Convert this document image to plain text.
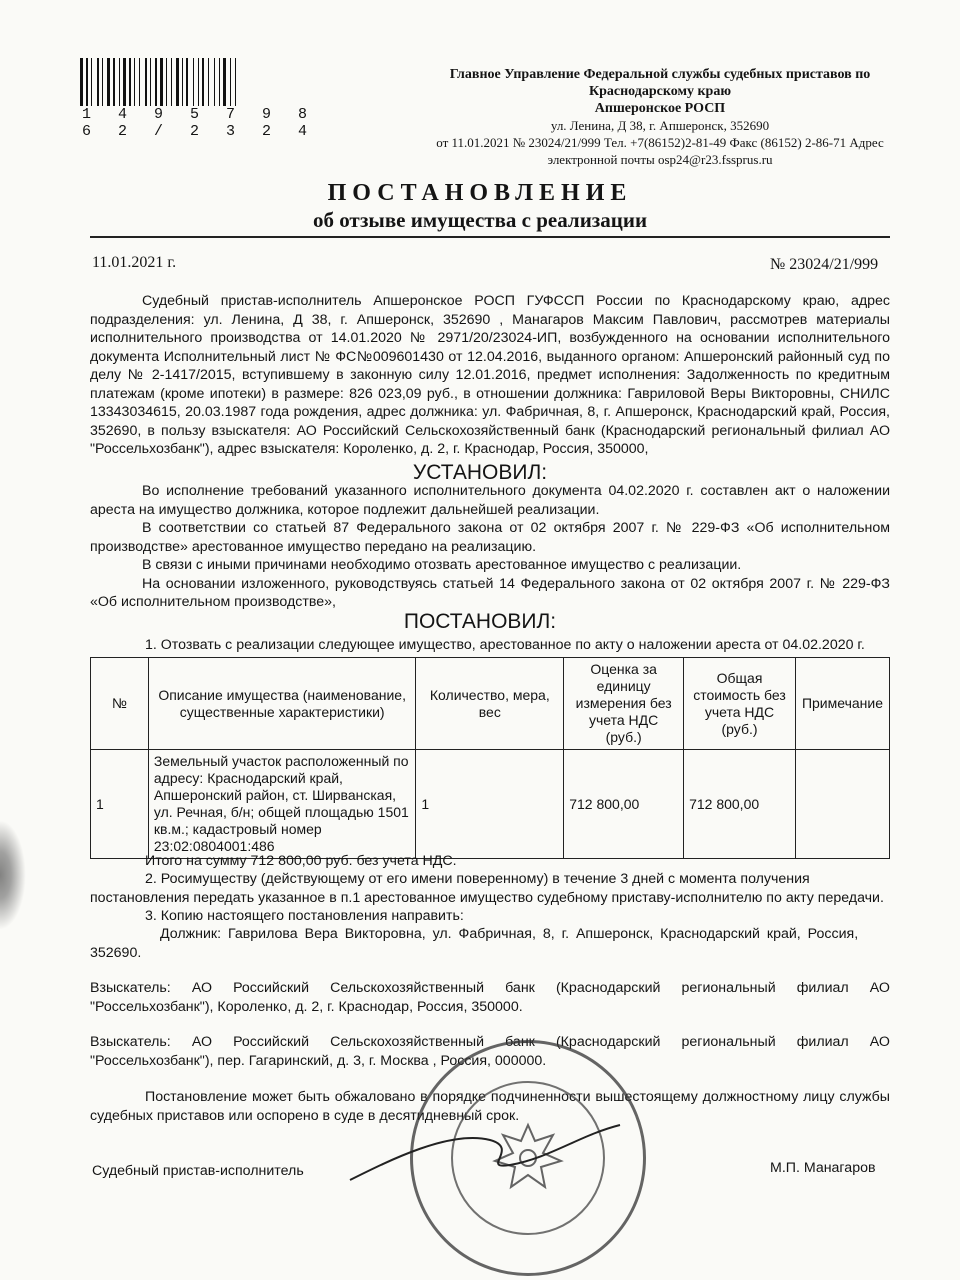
1 4 9 5 7 9 8 6 2 / 2 3 2 4
Главное Управление Федеральной службы судебных приставов по
Краснодарскому краю
Апшеронское РОСП
ул. Ленина, Д 38, г. Апшеронск, 352690
от 11.01.2021 № 23024/21/999 Тел. +7(86152)2-81-49 Факс (86152) 2-86-71 Адрес
электронной почты osp24@r23.fssprus.ru
ПОСТАНОВЛЕНИЕ
об отзыве имущества с реализации
11.01.2021 г.	№ 23024/21/999
Судебный пристав-исполнитель Апшеронское РОСП ГУФССП России по Краснодарскому краю, адрес подразделения: ул. Ленина, Д 38, г. Апшеронск, 352690 , Манагаров Максим Павлович, рассмотрев материалы исполнительного производства от 14.01.2020 № 2971/20/23024-ИП, возбужденного на основании исполнительного документа Исполнительный лист № ФС№009601430 от 12.04.2016, выданного органом: Апшеронский районный суд по делу № 2-1417/2015, вступившему в законную силу 12.01.2016, предмет исполнения: Задолженность по кредитным платежам (кроме ипотеки) в размере: 826 023,09 руб., в отношении должника: Гавриловой Веры Викторовны, СНИЛС 13343034615, 20.03.1987 года рождения, адрес должника: ул. Фабричная, 8, г. Апшеронск, Краснодарский край, Россия, 352690, в пользу взыскателя: АО Российский Сельскохозяйственный банк (Краснодарский региональный филиал АО "Россельхозбанк"), адрес взыскателя: Короленко, д. 2, г. Краснодар, Россия, 350000,
УСТАНОВИЛ:
Во исполнение требований указанного исполнительного документа 04.02.2020 г. составлен акт о наложении ареста на имущество должника, которое подлежит дальнейшей реализации.
В соответствии со статьей 87 Федерального закона от 02 октября 2007 г. № 229-ФЗ «Об исполнительном производстве» арестованное имущество передано на реализацию.
В связи с иными причинами необходимо отозвать арестованное имущество с реализации.
На основании изложенного, руководствуясь статьей 14 Федерального закона от 02 октября 2007 г. № 229-ФЗ «Об исполнительном производстве»,
ПОСТАНОВИЛ:
1. Отозвать с реализации следующее имущество, арестованное по акту о наложении ареста от 04.02.2020 г.
№	Описание имущества (наименование, существенные характеристики)	Количество, мера, вес	Оценка за единицу измерения без учета НДС (руб.)	Общая стоимость без учета НДС (руб.)	Примечание
1	Земельный участок расположенный по адресу: Краснодарский край, Апшеронский район, ст. Ширванская, ул. Речная, б/н; общей площадью 1501 кв.м.; кадастровый номер 23:02:0804001:486	1	712 800,00	712 800,00	
Итого на сумму 712 800,00 руб. без учета НДС.
2. Росимуществу (действующему от его имени поверенному) в течение 3 дней с момента получения постановления передать указанное в п.1 арестованное имущество судебному приставу-исполнителю по акту передачи.
3. Копию настоящего постановления направить:
Должник: Гаврилова Вера Викторовна, ул. Фабричная, 8, г. Апшеронск, Краснодарский край, Россия,
352690.
Взыскатель: АО Российский Сельскохозяйственный банк (Краснодарский региональный филиал АО
"Россельхозбанк"), Короленко, д. 2, г. Краснодар, Россия, 350000.
Взыскатель: АО Российский Сельскохозяйственный банк (Краснодарский региональный филиал АО
"Россельхозбанк"), пер. Гагаринский, д. 3, г. Москва , Россия, 000000.
Постановление может быть обжаловано в порядке подчиненности вышестоящему должностному лицу службы судебных приставов или оспорено в суде в десятидневный срок.
Судебный пристав-исполнитель	М.П. Манагаров
